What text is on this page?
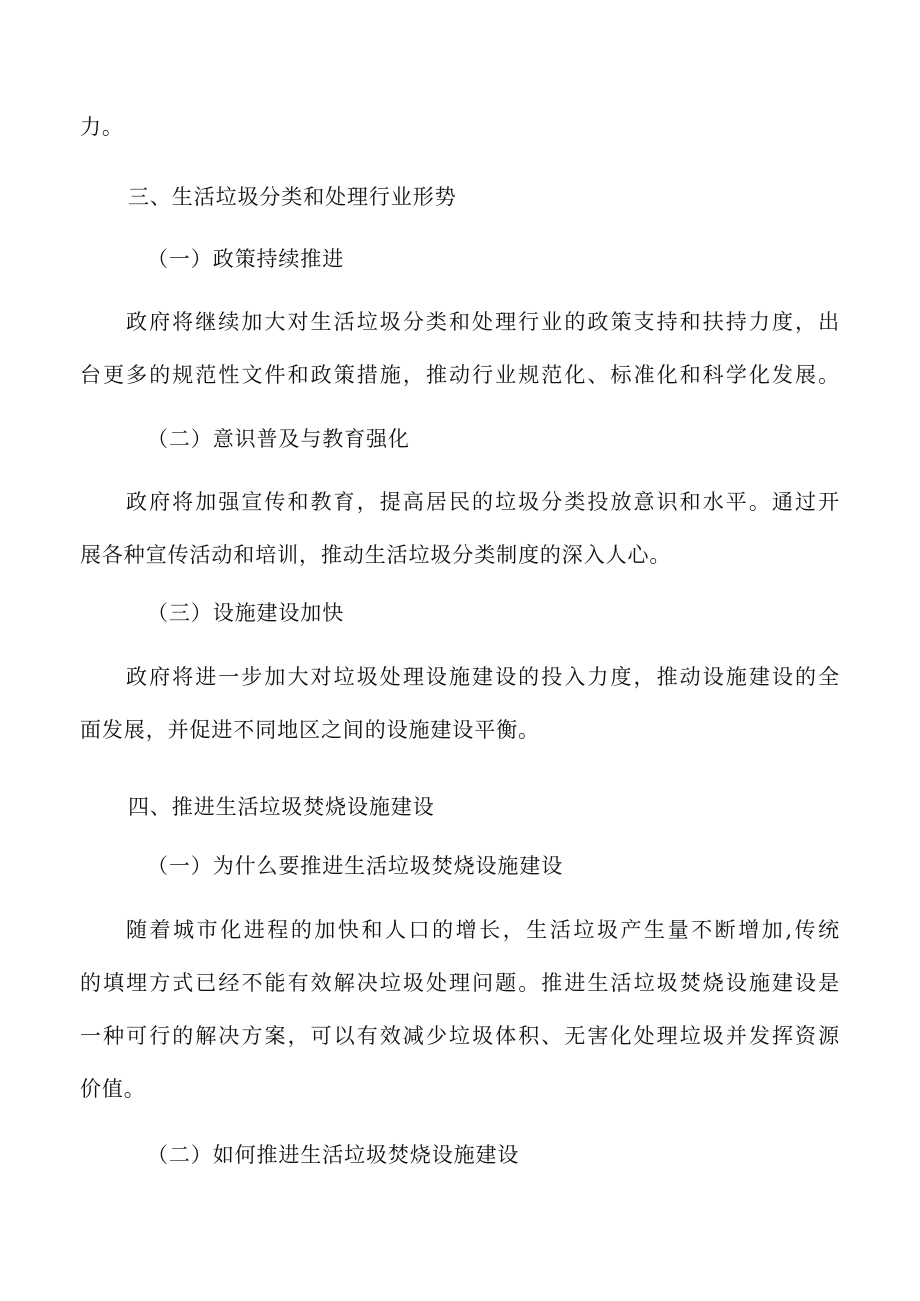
力。
三、生活垃圾分类和处理行业形势
（一）政策持续推进
政府将继续加大对生活垃圾分类和处理行业的政策支持和扶持力度，出
台更多的规范性文件和政策措施，推动行业规范化、标准化和科学化发展。
（二）意识普及与教育强化
政府将加强宣传和教育，提高居民的垃圾分类投放意识和水平。通过开
展各种宣传活动和培训，推动生活垃圾分类制度的深入人心。
（三）设施建设加快
政府将进一步加大对垃圾处理设施建设的投入力度，推动设施建设的全
面发展，并促进不同地区之间的设施建设平衡。
四、推进生活垃圾焚烧设施建设
（一）为什么要推进生活垃圾焚烧设施建设
随着城市化进程的加快和人口的增长，生活垃圾产生量不断增加,传统
的填埋方式已经不能有效解决垃圾处理问题。推进生活垃圾焚烧设施建设是
一种可行的解决方案，可以有效减少垃圾体积、无害化处理垃圾并发挥资源
价值。
（二）如何推进生活垃圾焚烧设施建设
